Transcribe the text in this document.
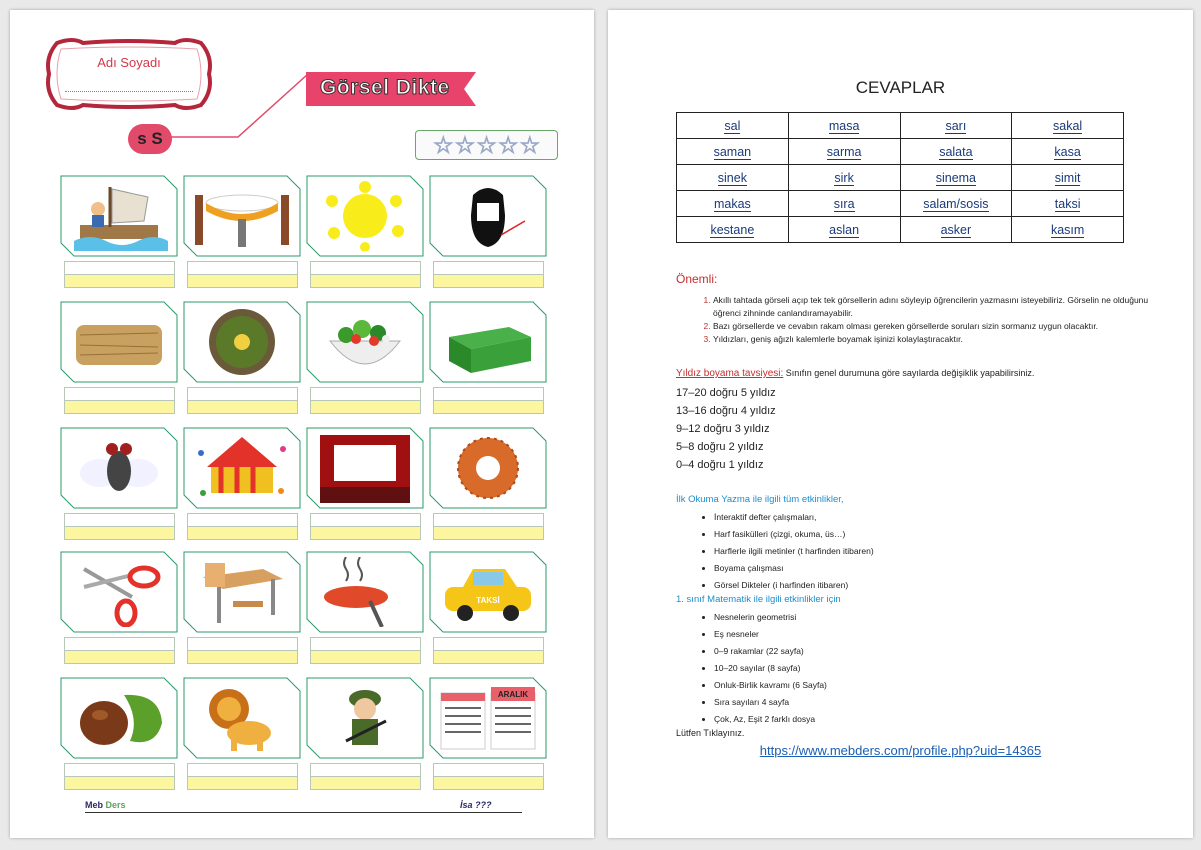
Adı Soyadı
Görsel Dikte
s S	☆ ☆ ☆ ☆ ☆
TAKSİ
ARALIK
Meb Ders	İsa ???
CEVAPLAR
sal	masa	sarı	sakal
saman	sarma	salata	kasa
sinek	sirk	sinema	simit
makas	sıra	salam/sosis	taksi
kestane	aslan	asker	kasım
Önemli:
1. Akıllı tahtada görseli açıp tek tek görsellerin adını söyleyip öğrencilerin yazmasını isteyebiliriz. Görselin ne olduğunu öğrenci zihninde canlandıramayabilir.
2. Bazı görsellerde ve cevabın rakam olması gereken görsellerde soruları sizin sormanız uygun olacaktır.
3. Yıldızları, geniş ağızlı kalemlerle boyamak işinizi kolaylaştıracaktır.
Yıldız boyama tavsiyesi: Sınıfın genel durumuna göre sayılarda değişiklik yapabilirsiniz.
17–20 doğru 5 yıldız
13–16 doğru 4 yıldız
9–12 doğru 3 yıldız
5–8 doğru 2 yıldız
0–4 doğru 1 yıldız
İlk Okuma Yazma ile ilgili tüm etkinlikler,
• İnteraktif defter çalışmaları,
• Harf fasikülleri (çizgi, okuma, üs…)
• Harflerle ilgili metinler (t harfinden itibaren)
• Boyama çalışması
• Görsel Dikteler (i harfinden itibaren)
1. sınıf Matematik ile ilgili etkinlikler için
• Nesnelerin geometrisi
• Eş nesneler
• 0–9 rakamlar (22 sayfa)
• 10–20 sayılar (8 sayfa)
• Onluk-Birlik kavramı (6 Sayfa)
• Sıra sayıları 4 sayfa
• Çok, Az, Eşit 2 farklı dosya
Lütfen Tıklayınız.
https://www.mebders.com/profile.php?uid=14365
